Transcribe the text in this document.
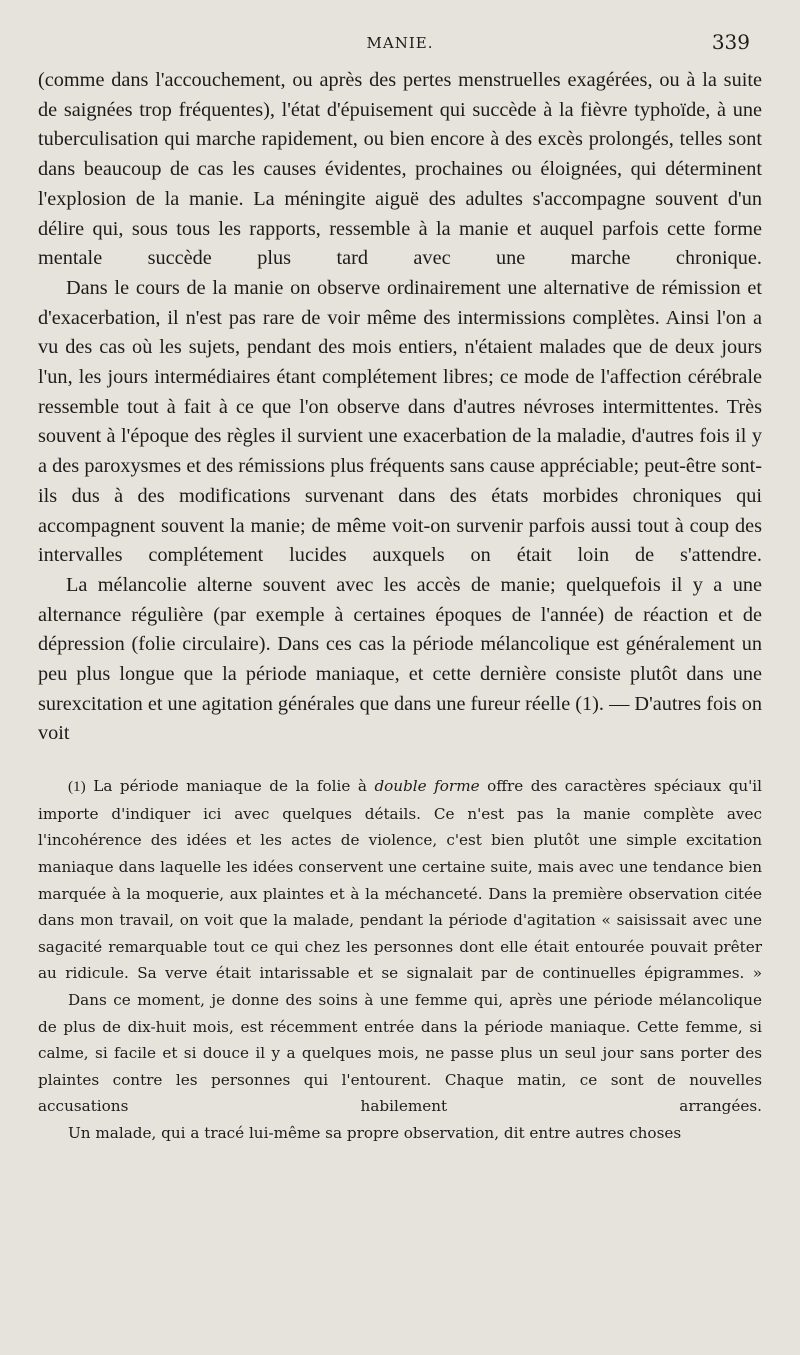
MANIE.	339

(comme dans l'accouchement, ou après des pertes menstruelles exagérées, ou à la suite de saignées trop fréquentes), l'état d'épuisement qui succède à la fièvre typhoïde, à une tuberculisation qui marche rapidement, ou bien encore à des excès prolongés, telles sont dans beaucoup de cas les causes évidentes, prochaines ou éloignées, qui déterminent l'explosion de la manie. La méningite aiguë des adultes s'accompagne souvent d'un délire qui, sous tous les rapports, ressemble à la manie et auquel parfois cette forme mentale succède plus tard avec une marche chronique.

Dans le cours de la manie on observe ordinairement une alternative de rémission et d'exacerbation, il n'est pas rare de voir même des intermissions complètes. Ainsi l'on a vu des cas où les sujets, pendant des mois entiers, n'étaient malades que de deux jours l'un, les jours intermédiaires étant complétement libres; ce mode de l'affection cérébrale ressemble tout à fait à ce que l'on observe dans d'autres névroses intermittentes. Très souvent à l'époque des règles il survient une exacerbation de la maladie, d'autres fois il y a des paroxysmes et des rémissions plus fréquents sans cause appréciable; peut-être sont-ils dus à des modifications survenant dans des états morbides chroniques qui accompagnent souvent la manie; de même voit-on survenir parfois aussi tout à coup des intervalles complétement lucides auxquels on était loin de s'attendre.

La mélancolie alterne souvent avec les accès de manie; quelquefois il y a une alternance régulière (par exemple à certaines époques de l'année) de réaction et de dépression (folie circulaire). Dans ces cas la période mélancolique est généralement un peu plus longue que la période maniaque, et cette dernière consiste plutôt dans une surexcitation et une agitation générales que dans une fureur réelle (1). — D'autres fois on voit

(1) La période maniaque de la folie à double forme offre des caractères spéciaux qu'il importe d'indiquer ici avec quelques détails. Ce n'est pas la manie complète avec l'incohérence des idées et les actes de violence, c'est bien plutôt une simple excitation maniaque dans laquelle les idées conservent une certaine suite, mais avec une tendance bien marquée à la moquerie, aux plaintes et à la méchanceté. Dans la première observation citée dans mon travail, on voit que la malade, pendant la période d'agitation « saisissait avec une sagacité remarquable tout ce qui chez les personnes dont elle était entourée pouvait prêter au ridicule. Sa verve était intarissable et se signalait par de continuelles épigrammes. »

Dans ce moment, je donne des soins à une femme qui, après une période mélancolique de plus de dix-huit mois, est récemment entrée dans la période maniaque. Cette femme, si calme, si facile et si douce il y a quelques mois, ne passe plus un seul jour sans porter des plaintes contre les personnes qui l'entourent. Chaque matin, ce sont de nouvelles accusations habilement arrangées.

Un malade, qui a tracé lui-même sa propre observation, dit entre autres choses
